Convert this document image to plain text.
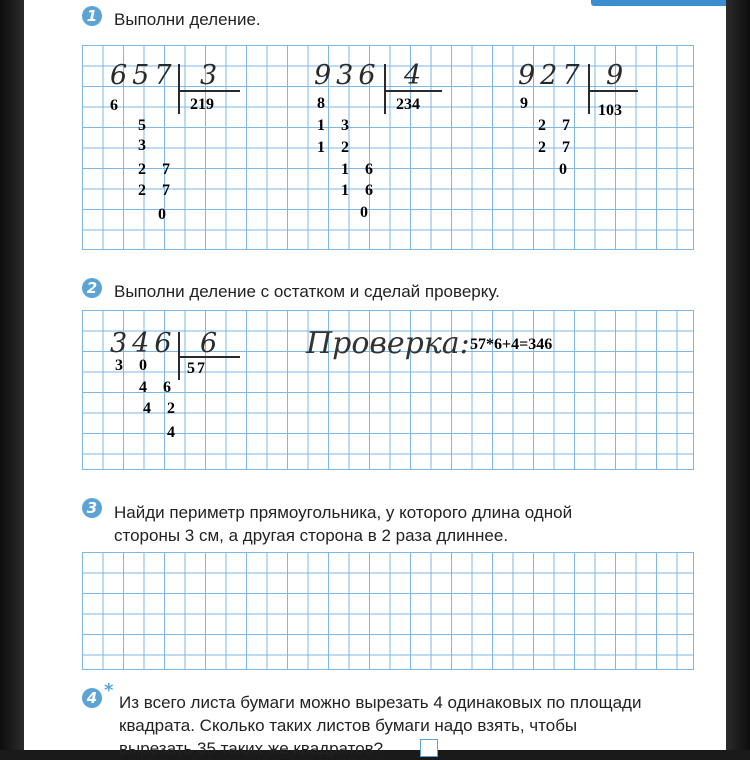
1 Выполни деление.
657 3
219
6
5
3
2 7
2 7
0
936 4
234
8
1 3
1 2
1 6
1 6
0
927 9
103
9
2 7
2 7
0
2 Выполни деление с остатком и сделай проверку.
346 6
57
3 0
4 6
4 2
4
Проверка: 57*6+4=346
3 Найди периметр прямоугольника, у которого длина одной
стороны 3 см, а другая сторона в 2 раза длиннее.
4 *
Из всего листа бумаги можно вырезать 4 одинаковых по площади
квадрата. Сколько таких листов бумаги надо взять, чтобы
вырезать 35 таких же квадратов?
